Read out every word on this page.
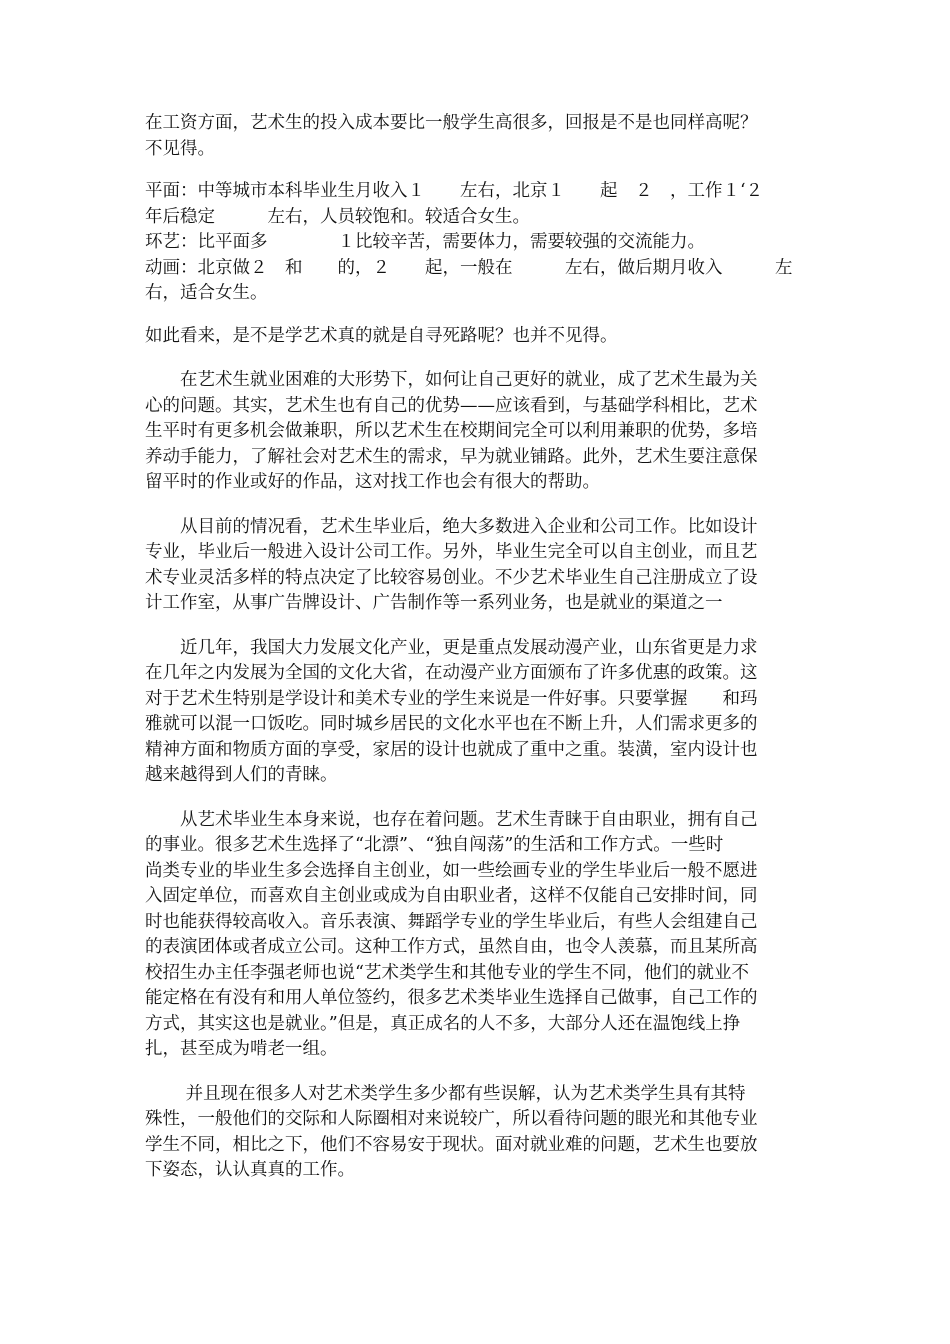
在工资方面，艺术生的投入成本要比一般学生高很多，回报是不是也同样高呢？
不见得。
平面：中等城市本科毕业生月收入１　　左右，北京１　　起　２　，工作１‘２
年后稳定　　　左右，人员较饱和。较适合女生。
环艺：比平面多　　　　１比较辛苦，需要体力，需要较强的交流能力。
动画：北京做２　和　　的，２　　起，一般在　　　左右，做后期月收入　　　左
右，适合女生。
如此看来，是不是学艺术真的就是自寻死路呢？也并不见得。
　　在艺术生就业困难的大形势下，如何让自己更好的就业，成了艺术生最为关
心的问题。其实，艺术生也有自己的优势——应该看到，与基础学科相比，艺术
生平时有更多机会做兼职，所以艺术生在校期间完全可以利用兼职的优势，多培
养动手能力，了解社会对艺术生的需求，早为就业铺路。此外，艺术生要注意保
留平时的作业或好的作品，这对找工作也会有很大的帮助。
　　从目前的情况看，艺术生毕业后，绝大多数进入企业和公司工作。比如设计
专业，毕业后一般进入设计公司工作。另外，毕业生完全可以自主创业，而且艺
术专业灵活多样的特点决定了比较容易创业。不少艺术毕业生自己注册成立了设
计工作室，从事广告牌设计、广告制作等一系列业务，也是就业的渠道之一
　　近几年，我国大力发展文化产业，更是重点发展动漫产业，山东省更是力求
在几年之内发展为全国的文化大省，在动漫产业方面颁布了许多优惠的政策。这
对于艺术生特别是学设计和美术专业的学生来说是一件好事。只要掌握　　和玛
雅就可以混一口饭吃。同时城乡居民的文化水平也在不断上升，人们需求更多的
精神方面和物质方面的享受，家居的设计也就成了重中之重。装潢，室内设计也
越来越得到人们的青睐。
　　从艺术毕业生本身来说，也存在着问题。艺术生青睐于自由职业，拥有自己
的事业。很多艺术生选择了“北漂”、“独自闯荡”的生活和工作方式。一些时
尚类专业的毕业生多会选择自主创业，如一些绘画专业的学生毕业后一般不愿进
入固定单位，而喜欢自主创业或成为自由职业者，这样不仅能自己安排时间，同
时也能获得较高收入。音乐表演、舞蹈学专业的学生毕业后，有些人会组建自己
的表演团体或者成立公司。这种工作方式，虽然自由，也令人羡慕，而且某所高
校招生办主任李强老师也说“艺术类学生和其他专业的学生不同，他们的就业不
能定格在有没有和用人单位签约，很多艺术类毕业生选择自己做事，自己工作的
方式，其实这也是就业。”但是，真正成名的人不多，大部分人还在温饱线上挣
扎，甚至成为啃老一组。
　　 并且现在很多人对艺术类学生多少都有些误解，认为艺术类学生具有其特
殊性，一般他们的交际和人际圈相对来说较广，所以看待问题的眼光和其他专业
学生不同，相比之下，他们不容易安于现状。面对就业难的问题，艺术生也要放
下姿态，认认真真的工作。
